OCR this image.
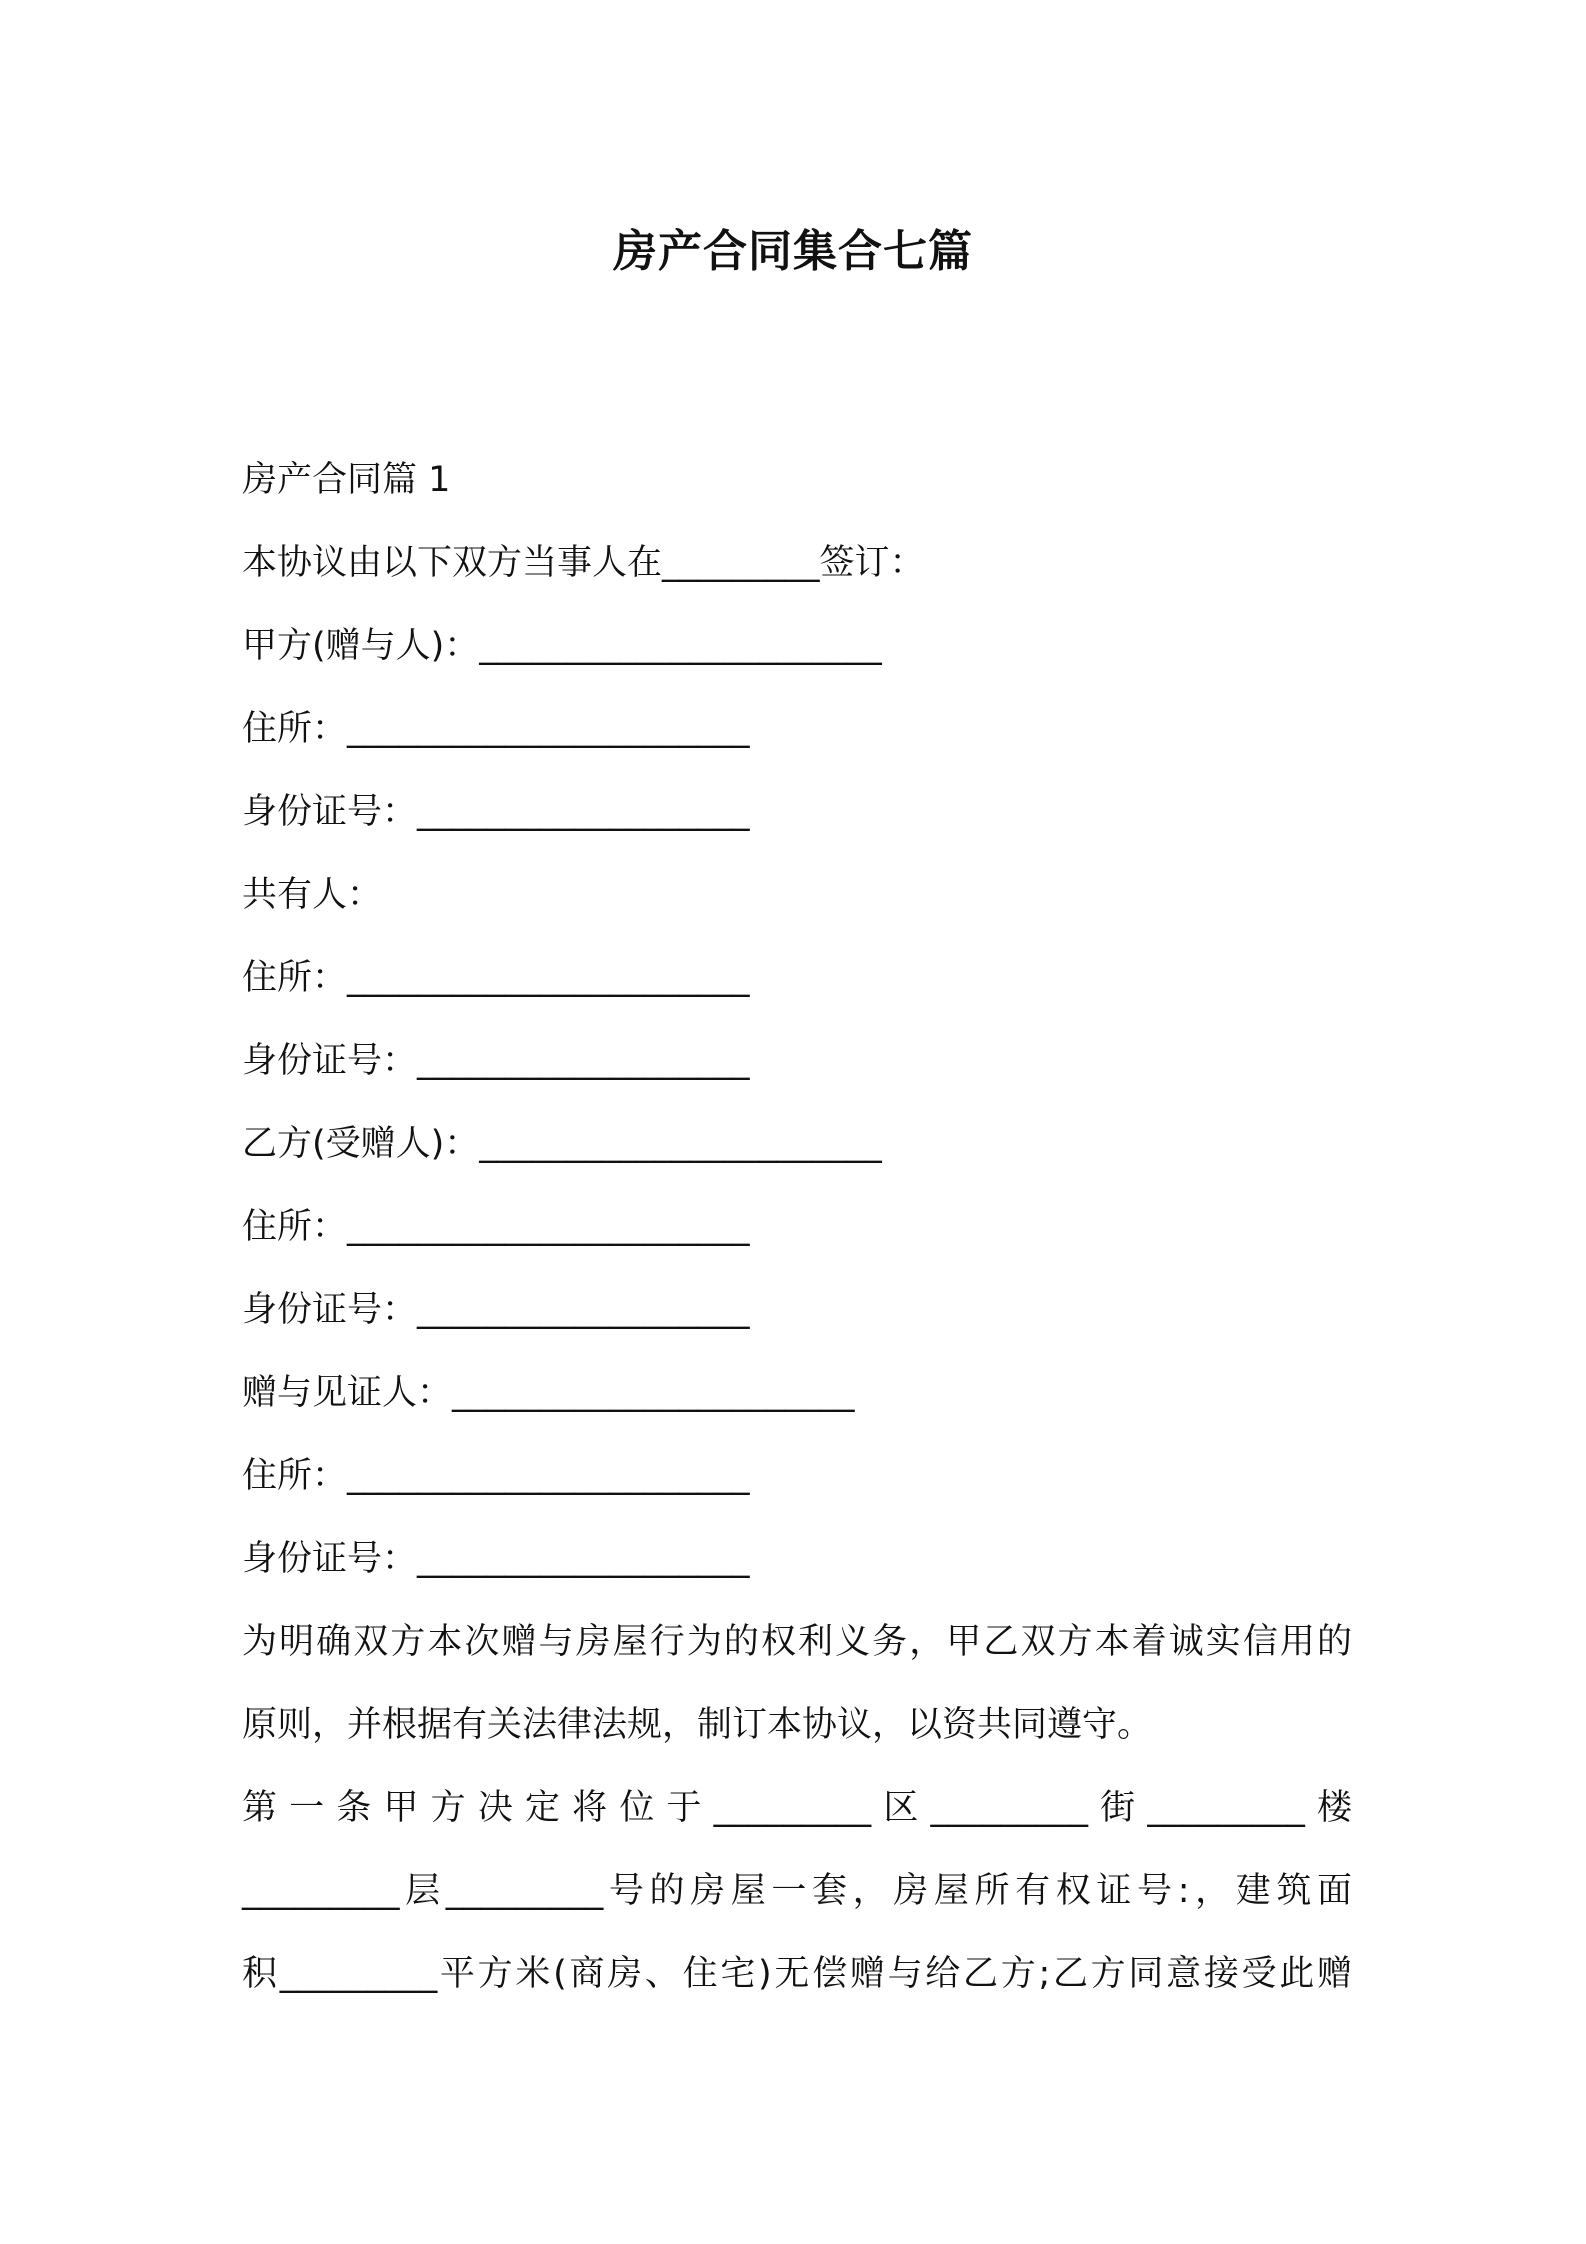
房产合同集合七篇

房产合同篇 1

本协议由以下双方当事人在_________签订：

甲方(赠与人)：_______________________

住所：_______________________

身份证号：___________________

共有人：

住所：_______________________

身份证号：___________________

乙方(受赠人)：_______________________

住所：_______________________

身份证号：___________________

赠与见证人：_______________________

住所：_______________________

身份证号：___________________

为明确双方本次赠与房屋行为的权利义务，甲乙双方本着诚实信用的

原则，并根据有关法律法规，制订本协议，以资共同遵守。

第一条甲方决定将位于_________区_________街_________楼

_________层_________号的房屋一套，房屋所有权证号:，建筑面

积_________平方米(商房、住宅)无偿赠与给乙方;乙方同意接受此赠
